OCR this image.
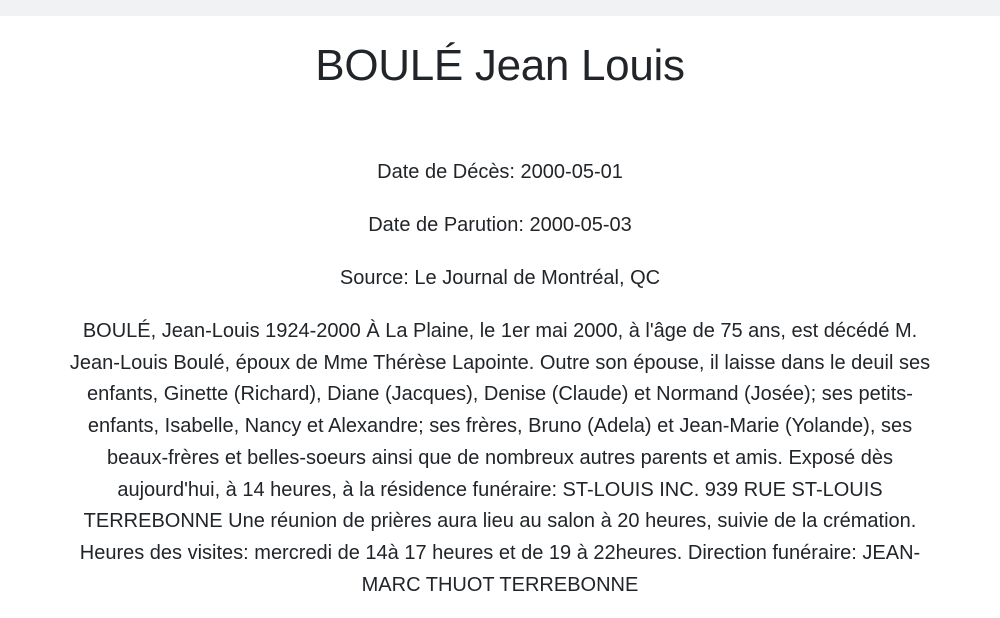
BOULÉ Jean Louis

Date de Décès: 2000-05-01

Date de Parution: 2000-05-03

Source: Le Journal de Montréal, QC

BOULÉ, Jean-Louis 1924-2000 À La Plaine, le 1er mai 2000, à l'âge de 75 ans, est décédé M. Jean-Louis Boulé, époux de Mme Thérèse Lapointe. Outre son épouse, il laisse dans le deuil ses enfants, Ginette (Richard), Diane (Jacques), Denise (Claude) et Normand (Josée); ses petits-enfants, Isabelle, Nancy et Alexandre; ses frères, Bruno (Adela) et Jean-Marie (Yolande), ses beaux-frères et belles-soeurs ainsi que de nombreux autres parents et amis. Exposé dès aujourd'hui, à 14 heures, à la résidence funéraire: ST-LOUIS INC. 939 RUE ST-LOUIS TERREBONNE Une réunion de prières aura lieu au salon à 20 heures, suivie de la crémation. Heures des visites: mercredi de 14à 17 heures et de 19 à 22heures. Direction funéraire: JEAN-MARC THUOT TERREBONNE
